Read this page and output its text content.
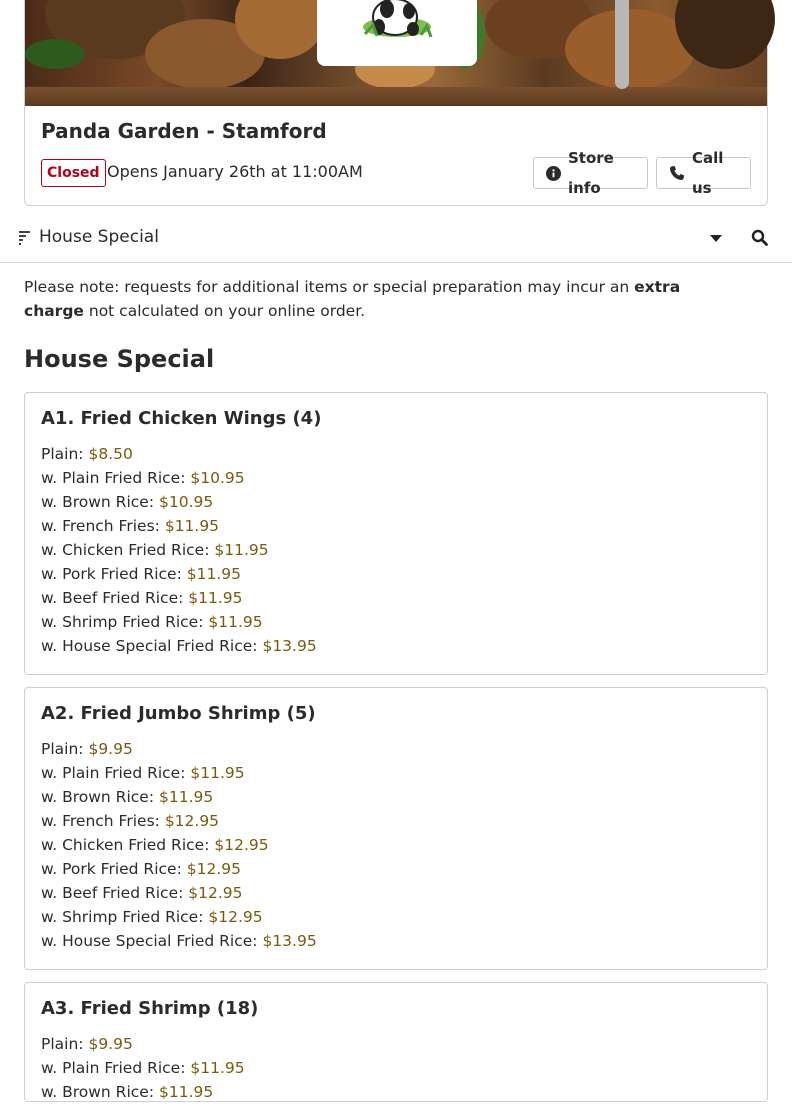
Panda Garden - Stamford
Closed Opens January 26th at 11:00AM
Store info
Call us
House Special
Please note: requests for additional items or special preparation may incur an extra charge not calculated on your online order.
House Special
A1. Fried Chicken Wings (4)
Plain: $8.50
w. Plain Fried Rice: $10.95
w. Brown Rice: $10.95
w. French Fries: $11.95
w. Chicken Fried Rice: $11.95
w. Pork Fried Rice: $11.95
w. Beef Fried Rice: $11.95
w. Shrimp Fried Rice: $11.95
w. House Special Fried Rice: $13.95
A2. Fried Jumbo Shrimp (5)
Plain: $9.95
w. Plain Fried Rice: $11.95
w. Brown Rice: $11.95
w. French Fries: $12.95
w. Chicken Fried Rice: $12.95
w. Pork Fried Rice: $12.95
w. Beef Fried Rice: $12.95
w. Shrimp Fried Rice: $12.95
w. House Special Fried Rice: $13.95
A3. Fried Shrimp (18)
Plain: $9.95
w. Plain Fried Rice: $11.95
w. Brown Rice: $11.95
